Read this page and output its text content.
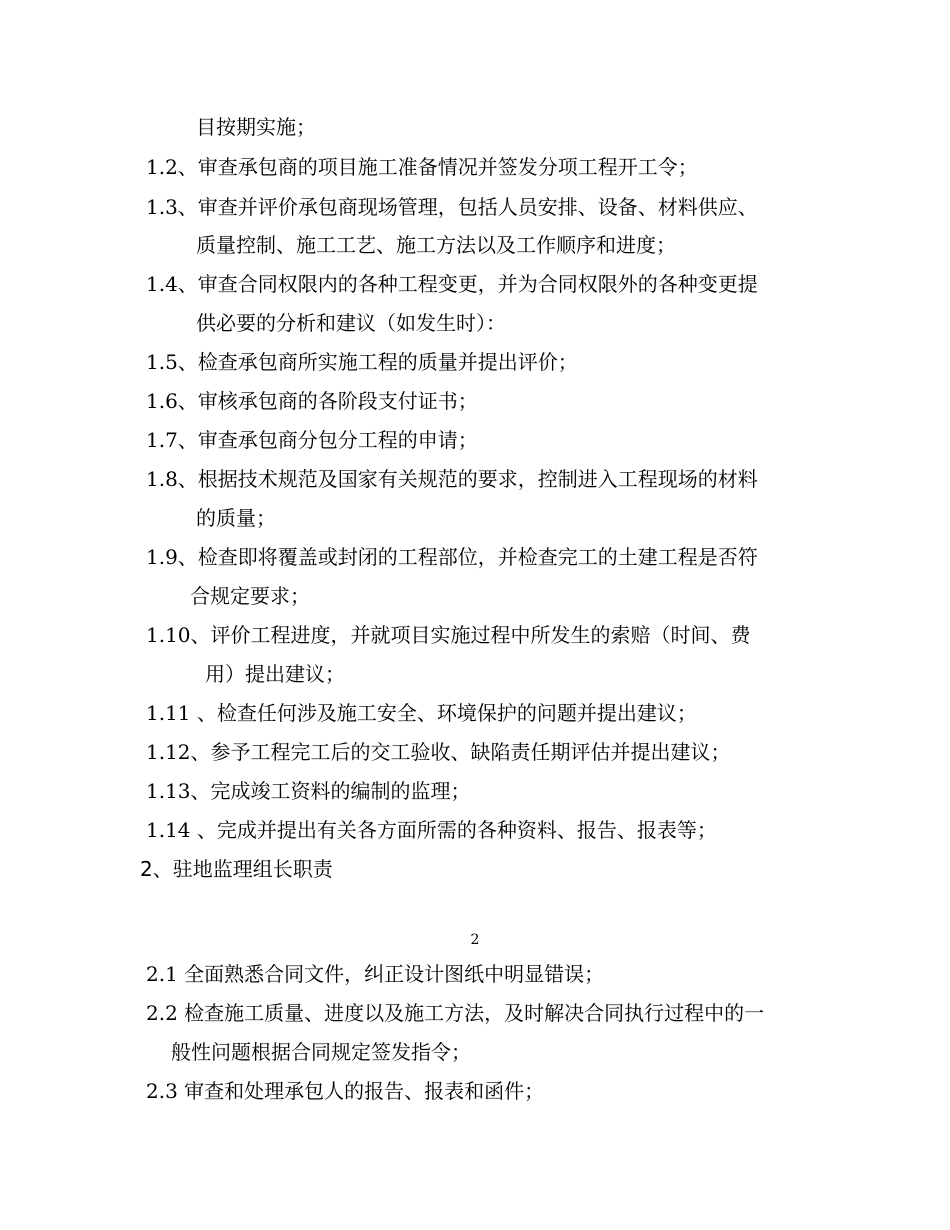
目按期实施；
1.2、审查承包商的项目施工准备情况并签发分项工程开工令；
1.3、审查并评价承包商现场管理，包括人员安排、设备、材料供应、
质量控制、施工工艺、施工方法以及工作顺序和进度；
1.4、审查合同权限内的各种工程变更，并为合同权限外的各种变更提
供必要的分析和建议（如发生时）：
1.5、检查承包商所实施工程的质量并提出评价；
1.6、审核承包商的各阶段支付证书；
1.7、审查承包商分包分工程的申请；
1.8、根据技术规范及国家有关规范的要求，控制进入工程现场的材料
的质量；
1.9、检查即将覆盖或封闭的工程部位，并检查完工的土建工程是否符
合规定要求；
1.10、评价工程进度，并就项目实施过程中所发生的索赔（时间、费
用）提出建议；
1.11 、检查任何涉及施工安全、环境保护的问题并提出建议；
1.12、参予工程完工后的交工验收、缺陷责任期评估并提出建议；
1.13、完成竣工资料的编制的监理；
1.14 、完成并提出有关各方面所需的各种资料、报告、报表等；
2、驻地监理组长职责
2
2.1 全面熟悉合同文件，纠正设计图纸中明显错误；
2.2 检查施工质量、进度以及施工方法，及时解决合同执行过程中的一
般性问题根据合同规定签发指令；
2.3 审查和处理承包人的报告、报表和函件；
